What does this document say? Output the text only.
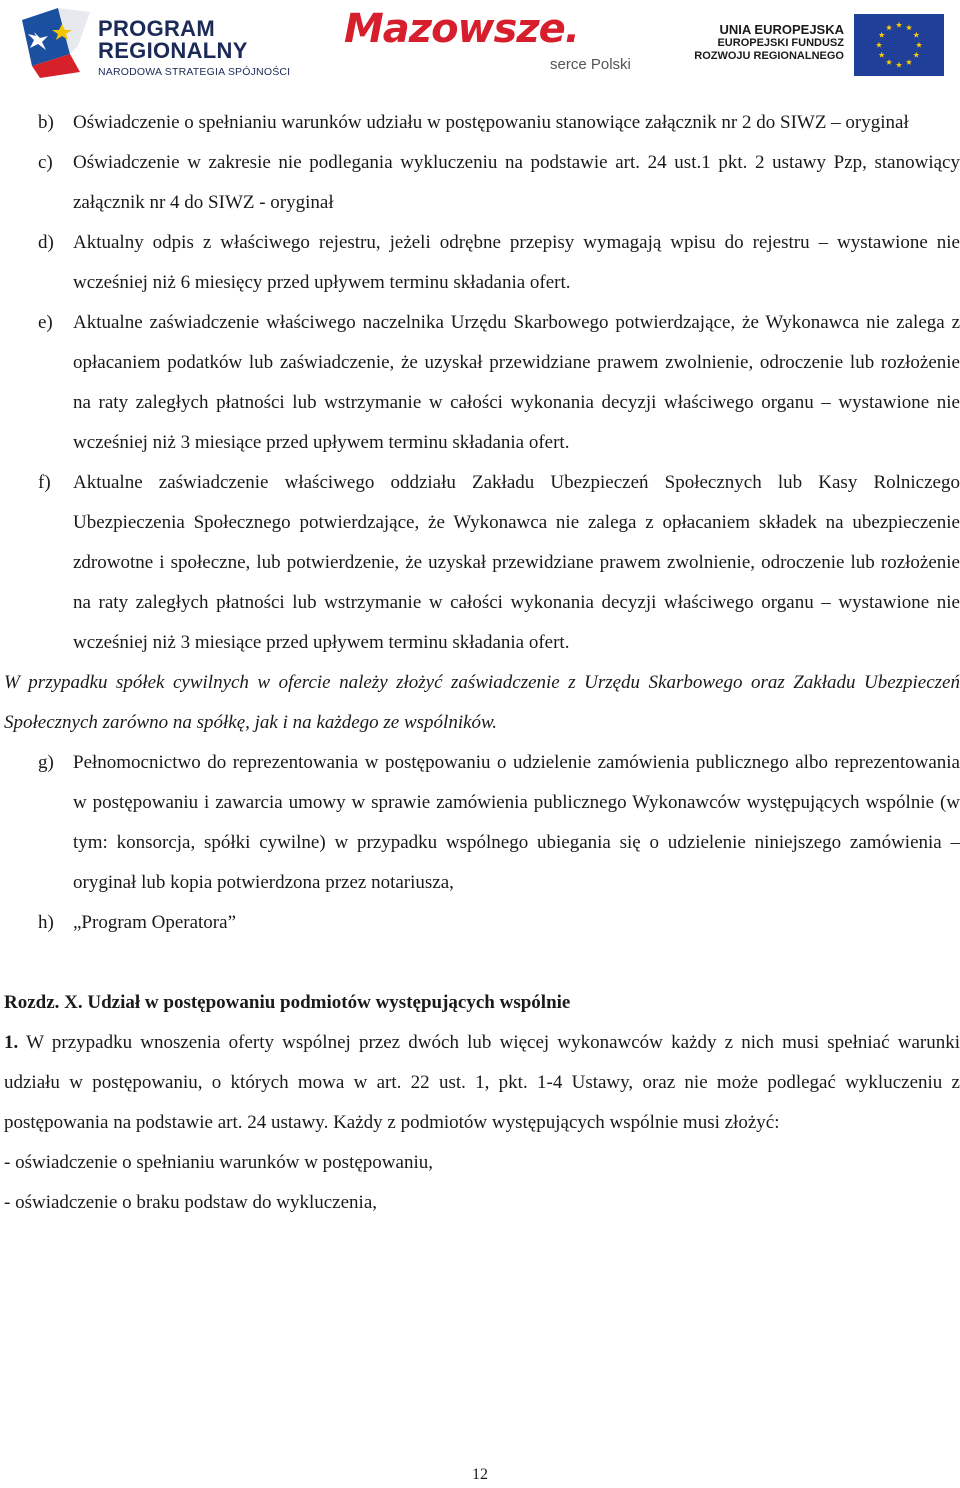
PROGRAM
REGIONALNY
NARODOWA STRATEGIA SPÓJNOŚCI
Mazowsze.
serce Polski
UNIA EUROPEJSKA
EUROPEJSKI FUNDUSZ
ROZWOJU REGIONALNEGO
b) Oświadczenie o spełnianiu warunków udziału w postępowaniu stanowiące załącznik nr 2 do SIWZ – oryginał
c) Oświadczenie w zakresie nie podlegania wykluczeniu na podstawie art. 24 ust.1 pkt. 2 ustawy Pzp, stanowiący załącznik nr 4 do SIWZ - oryginał
d) Aktualny odpis z właściwego rejestru, jeżeli odrębne przepisy wymagają wpisu do rejestru – wystawione nie wcześniej niż 6 miesięcy przed upływem terminu składania ofert.
e) Aktualne zaświadczenie właściwego naczelnika Urzędu Skarbowego potwierdzające, że Wykonawca nie zalega z opłacaniem podatków lub zaświadczenie, że uzyskał przewidziane prawem zwolnienie, odroczenie lub rozłożenie na raty zaległych płatności lub wstrzymanie w całości wykonania decyzji właściwego organu – wystawione nie wcześniej niż 3 miesiące przed upływem terminu składania ofert.
f) Aktualne zaświadczenie właściwego oddziału Zakładu Ubezpieczeń Społecznych lub Kasy Rolniczego Ubezpieczenia Społecznego potwierdzające, że Wykonawca nie zalega z opłacaniem składek na ubezpieczenie zdrowotne i społeczne, lub potwierdzenie, że uzyskał przewidziane prawem zwolnienie, odroczenie lub rozłożenie na raty zaległych płatności lub wstrzymanie w całości wykonania decyzji właściwego organu – wystawione nie wcześniej niż 3 miesiące przed upływem terminu składania ofert.
W przypadku spółek cywilnych w ofercie należy złożyć zaświadczenie z Urzędu Skarbowego oraz Zakładu Ubezpieczeń Społecznych zarówno na spółkę, jak i na każdego ze wspólników.
g) Pełnomocnictwo do reprezentowania w postępowaniu o udzielenie zamówienia publicznego albo reprezentowania w postępowaniu i zawarcia umowy w sprawie zamówienia publicznego Wykonawców występujących wspólnie (w tym: konsorcja, spółki cywilne) w przypadku wspólnego ubiegania się o udzielenie niniejszego zamówienia – oryginał lub kopia potwierdzona przez notariusza,
h) „Program Operatora”
Rozdz. X. Udział w postępowaniu podmiotów występujących wspólnie
1. W przypadku wnoszenia oferty wspólnej przez dwóch lub więcej wykonawców każdy z nich musi spełniać warunki udziału w postępowaniu, o których mowa w art. 22 ust. 1, pkt. 1-4 Ustawy, oraz nie może podlegać wykluczeniu z postępowania na podstawie art. 24 ustawy. Każdy z podmiotów występujących wspólnie musi złożyć:
- oświadczenie o spełnianiu warunków w postępowaniu,
- oświadczenie o braku podstaw do wykluczenia,
12
